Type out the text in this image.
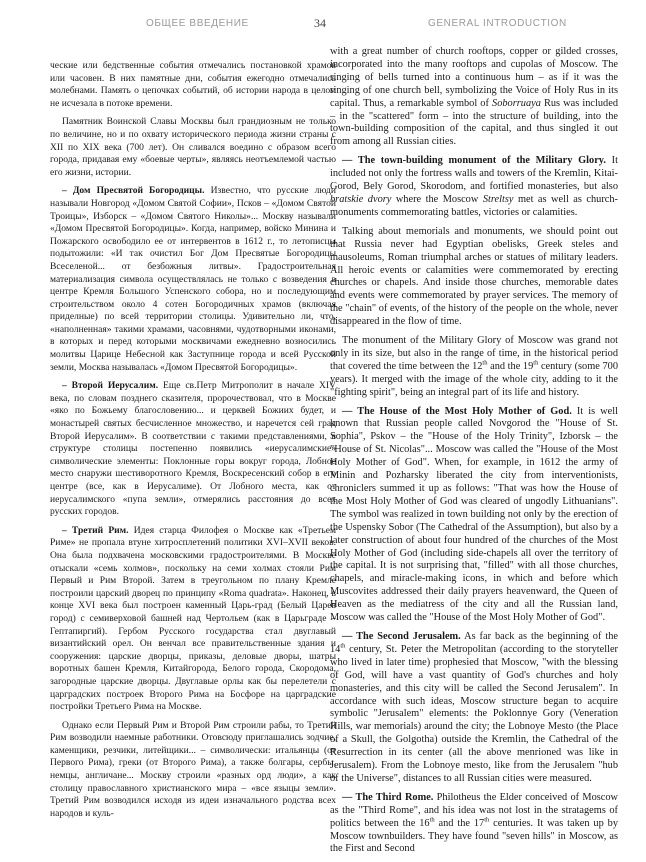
ОБЩЕЕ ВВЕДЕНИЕ	34	GENERAL INTRODUCTION

ческие или бедственные события отмечались постановкой храмов или часовен. В них памятные дни, события ежегодно отмечались молебнами. Память о цепочках событий, об истории народа в целом не исчезала в потоке времени.

Памятник Воинской Славы Москвы был грандиозным не только по величине, но и по охвату исторического периода жизни страны с XII по XIX века (700 лет). Он сливался воедино с образом всего города, придавая ему «боевые черты», являясь неотъемлемой частью его жизни, истории.

– Дом Пресвятой Богородицы. Известно, что русские люди называли Новгород «Домом Святой Софии», Псков – «Домом Святой Троицы», Изборск – «Домом Святого Николы»... Москву называли «Домом Пресвятой Богородицы». Когда, например, войско Минина и Пожарского освободило ее от интервентов в 1612 г., то летописцы подытожили: «И так очистил Бог Дом Пресвятые Богородицы Всеселеной... от безбожныя литвы». Градостроительная материализация символа осуществлялась не только с возведения в центре Кремля Большого Успенского собора, но и последующим строительством около 4 сотен Богородичных храмов (включая приделные) по всей территории столицы. Удивительно ли, что, «наполненная» такими храмами, часовнями, чудотворными иконами, в которых и перед которыми москвичами ежедневно возносились молитвы Царице Небесной как Заступнице города и всей Русской земли, Москва называлась «Домом Пресвятой Богородицы».

– Второй Иерусалим. Еще св.Петр Митрополит в начале XIV века, по словам позднего сказителя, пророчествовал, что в Москве «яко по Божьему благословению... и церквей Божиих будет, и монастырей святых бесчисленное множество, и наречется сей град Второй Иерусалим». В соответствии с такими представлениями, в структуре столицы постепенно появились «иерусалимские» символические элементы: Поклонные горы вокруг города, Лобное место снаружи шестиворотного Кремля, Воскресенский собор в его центре (все, как в Иерусалиме). От Лобного места, как от иерусалимского «пупа земли», отмерялись расстояния до всех русских городов.

– Третий Рим. Идея старца Филофея о Москве как «Третьем Риме» не пропала втуне хитросплетений политики XVI–XVII веков. Она была подхвачена московскими градостроителями. В Москве отыскали «семь холмов», поскольку на семи холмах стояли Рим Первый и Рим Второй. Затем в треугольном по плану Кремле построили царский дворец по принципу «Roma quadrata». Наконец, в конце XVI века был построен каменный Царь-град (Белый Царев город) с семиверховой башней над Чертольем (как в Царьграде – Гептапиргий). Гербом Русского государства стал двуглавый византийский орел. Он венчал все правительственные здания и сооружения: царские дворцы, приказы, деловые дворы, шатры воротных башен Кремля, Китайгорода, Белого города, Скородома, загородные царские дворцы. Двуглавые орлы как бы перелетели с царградских построек Второго Рима на Босфоре на царградские постройки Третьего Рима на Москве.

Однако если Первый Рим и Второй Рим строили рабы, то Третий Рим возводили наемные работники. Отовсюду приглашались зодчие, каменщики, резчики, литейщики... – символически: итальянцы (от Первого Рима), греки (от Второго Рима), а также болгары, сербы, немцы, англичане... Москву строили «разных орд люди», а как столицу православного христианского мира – «все языцы земли». Третий Рим возводился исходя из идеи изначального родства всех народов и куль-

with a great number of church rooftops, copper or gilded crosses, incorporated into the many rooftops and cupolas of Moscow. The ringing of bells turned into a continuous hum – as if it was the ringing of one church bell, symbolizing the Voice of Holy Rus in its capital. Thus, a remarkable symbol of Soborruaya Rus was included – in the "scattered" form – into the structure of building, into the town-building composition of the capital, and thus singled it out from among all Russian cities.

— The town-building monument of the Military Glory. It included not only the fortress walls and towers of the Kremlin, Kitai-Gorod, Bely Gorod, Skorodom, and fortified monasteries, but also bratskie dvory where the Moscow Streltsy met as well as church-monuments commemorating battles, victories or calamities.

Talking about memorials and monuments, we should point out that Russia never had Egyptian obelisks, Greek steles and mausoleums, Roman triumphal arches or statues of military leaders. All heroic events or calamities were commemorated by erecting churches or chapels. And inside those churches, memorable dates and events were commemorated by prayer services. The memory of the "chain" of events, of the history of the people on the whole, never disappeared in the flow of time.

The monument of the Military Glory of Moscow was grand not only in its size, but also in the range of time, in the historical period that covered the time between the 12th and the 19th century (some 700 years). It merged with the image of the whole city, adding to it the "fighting spirit", being an integral part of its life and history.

— The House of the Most Holy Mother of God. It is well known that Russian people called Novgorod the "House of St. Sophia", Pskov – the "House of the Holy Trinity", Izborsk – the "House of St. Nicolas"... Moscow was called the "House of the Most Holy Mother of God". When, for example, in 1612 the army of Minin and Pozharsky liberated the city from interventionists, chroniclers summed it up as follows: "That was how the House of the Most Holy Mother of God was cleared of ungodly Lithuanians". The symbol was realized in town building not only by the erection of the Uspensky Sobor (The Cathedral of the Assumption), but also by a later construction of about four hundred of the churches of the Most Holy Mother of God (including side-chapels all over the territory of the capital. It is not surprising that, "filled" with all those churches, chapels, and miracle-making icons, in which and before which Muscovites addressed their daily prayers heavenward, the Queen of Heaven as the mediatress of the city and all the Russian land, Moscow was called the "House of the Most Holy Mother of God".

— The Second Jerusalem. As far back as the beginning of the 14th century, St. Peter the Metropolitan (according to the storyteller who lived in later time) prophesied that Moscow, "with the blessing of God, will have a vast quantity of God's churches and holy monasteries, and this city will be called the Second Jerusalem". In accordance with such ideas, Moscow structure began to acquire symbolic "Jerusalem" elements: the Poklonnye Gory (Veneration Hills, war memorials) around the city; the Lobnoye Mesto (the Place of a Skull, the Golgotha) outside the Kremlin, the Cathedral of the Resurrection in its center (all the above menrioned was like in Jerusalem). From the Lobnoye mesto, like from the Jerusalem "hub of the Universe", distances to all Russian cities were measured.

— The Third Rome. Philotheus the Elder conceived of Moscow as the "Third Rome", and his idea was not lost in the stratagems of politics between the 16th and the 17th centuries. It was taken up by Moscow townbuilders. They have found "seven hills" in Moscow, as the First and Second
